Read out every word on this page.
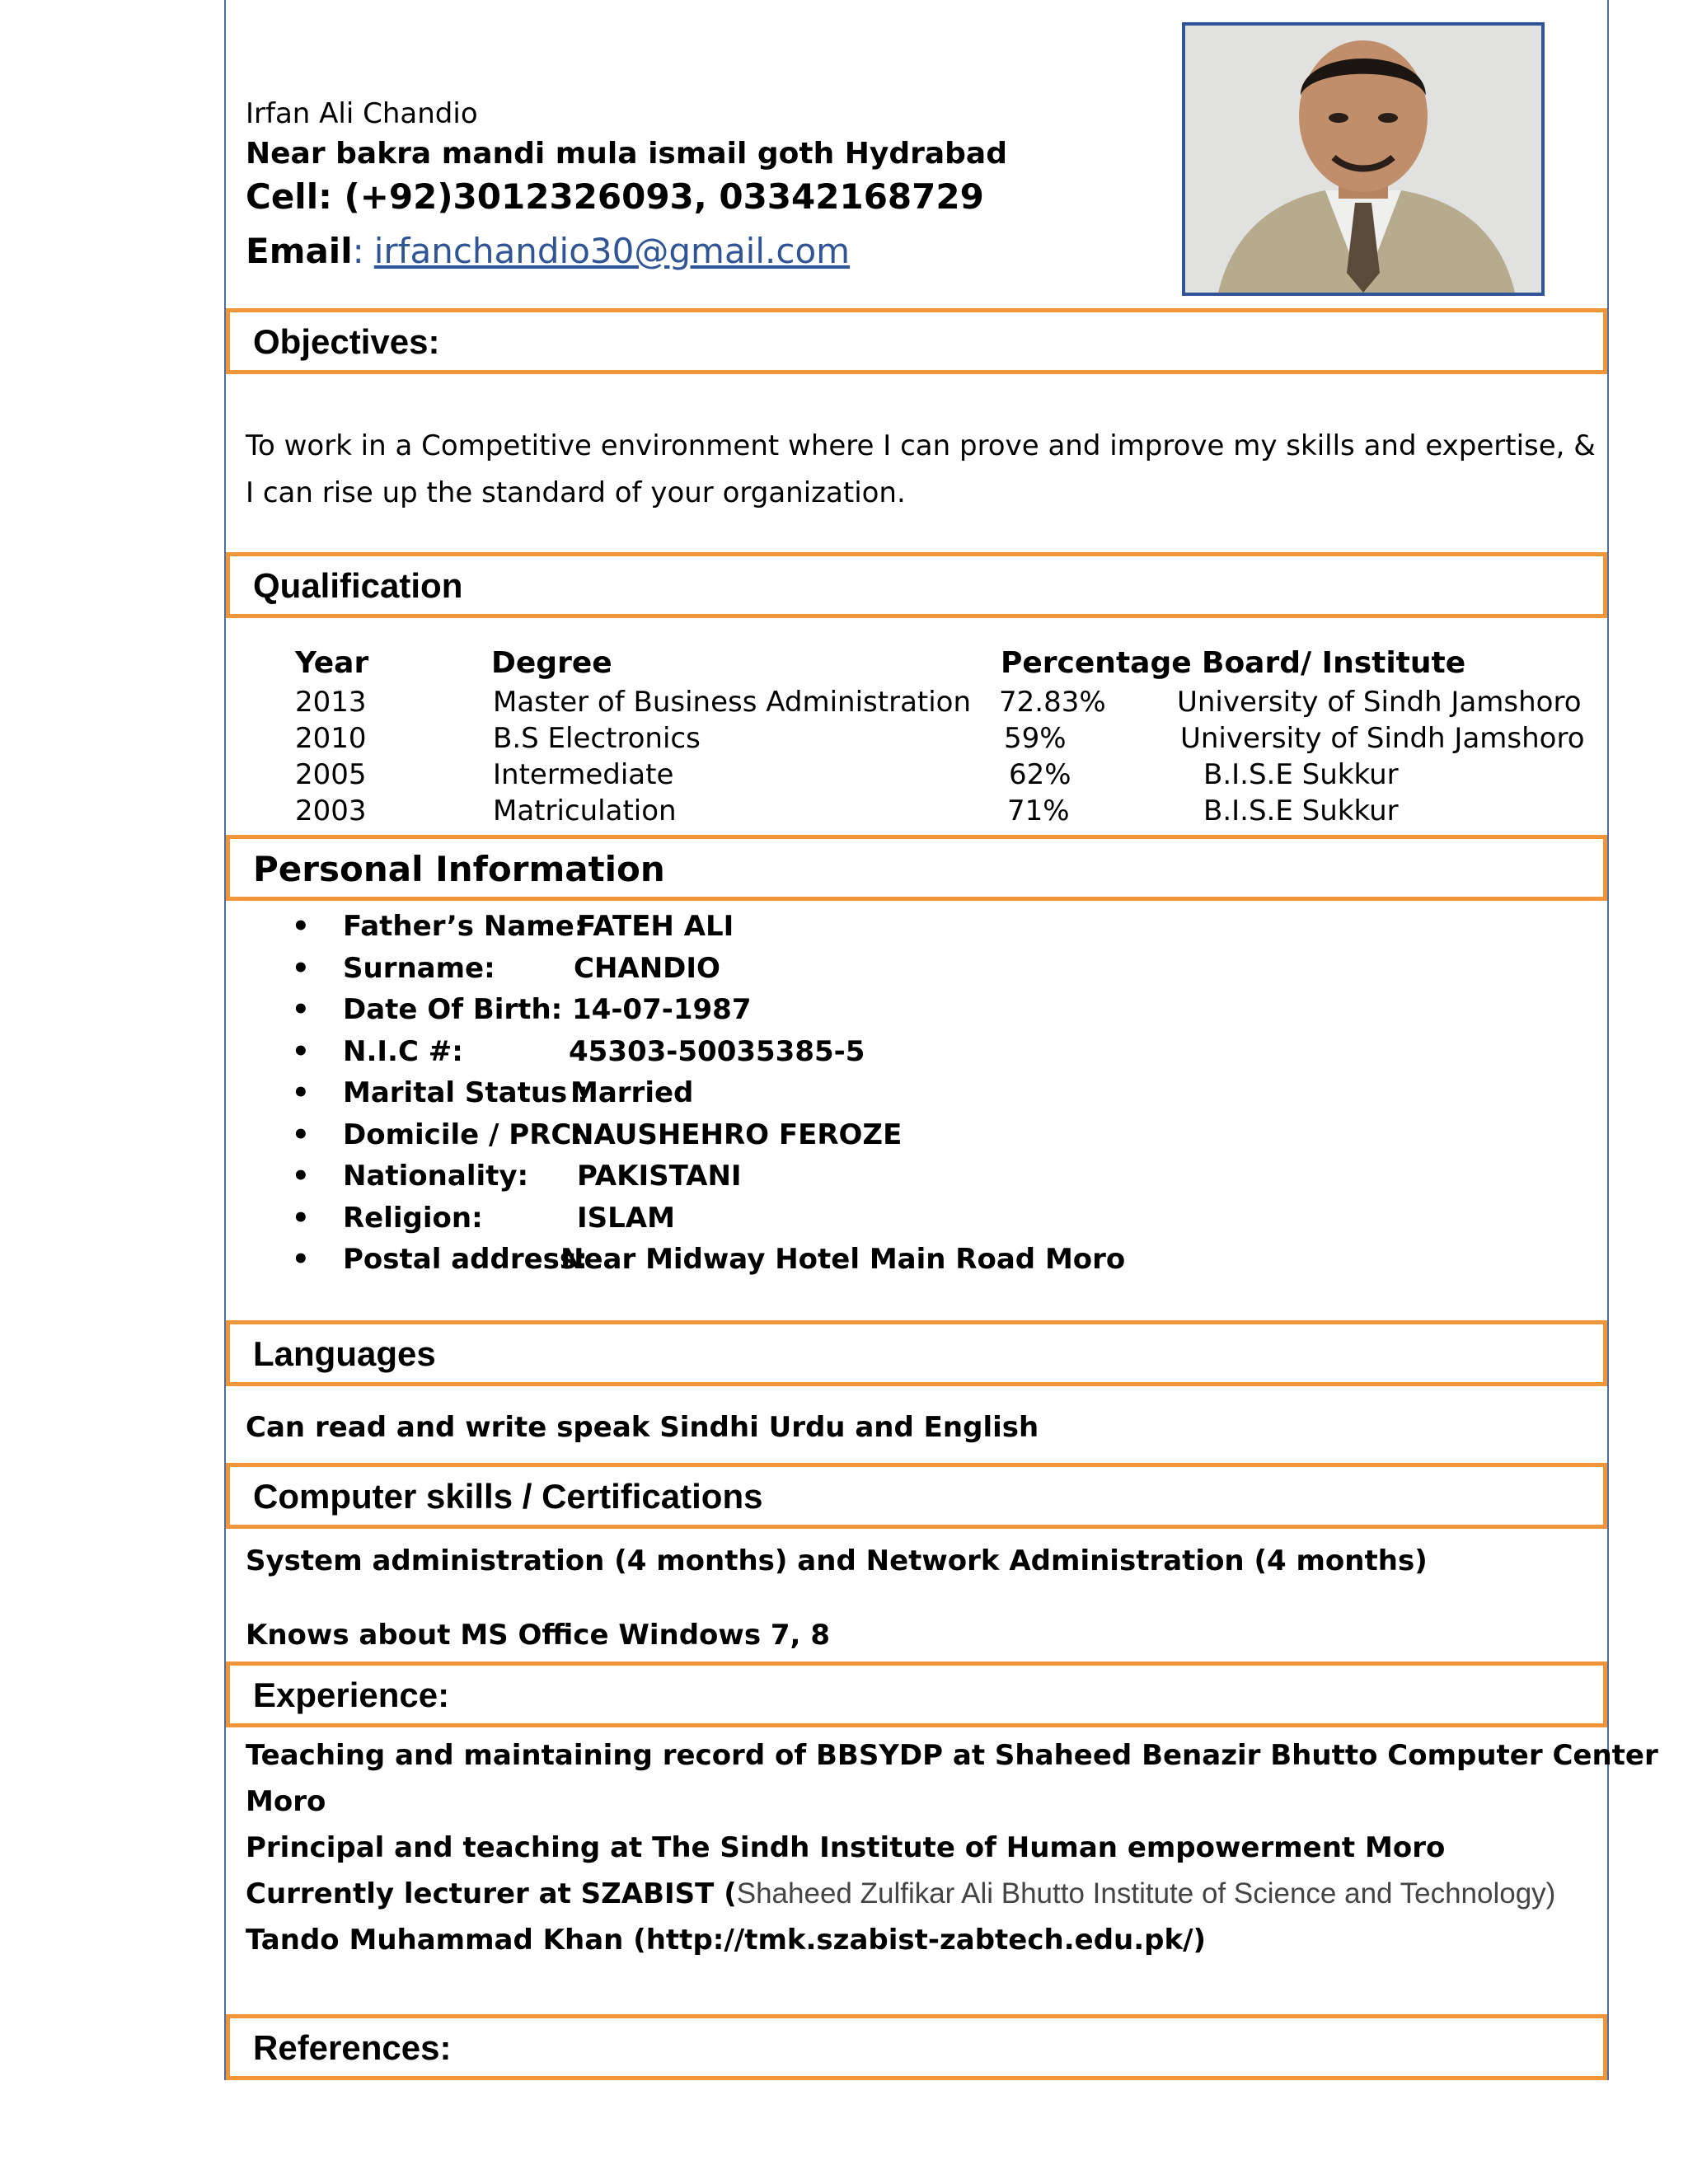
Irfan Ali Chandio
Near bakra mandi mula ismail goth Hydrabad
Cell: (+92)3012326093, 03342168729
Email: irfanchandio30@gmail.com
Objectives:
To work in a Competitive environment where I can prove and improve my skills and expertise, &
I can rise up the standard of your organization.
Qualification
Year	Degree	Percentage Board/ Institute
2013	Master of Business Administration 72.83%	University of Sindh Jamshoro
2010	B.S Electronics	59%	University of Sindh Jamshoro
2005	Intermediate	62%	B.I.S.E Sukkur
2003	Matriculation	71%	B.I.S.E Sukkur
Personal Information
• Father’s Name:
FATEH ALI
• Surname:	CHANDIO
• Date Of Birth: 14-07-1987
• N.I.C #:	45303-50035385-5
• Marital Status :
Married
• Domicile / PRC:
NAUSHEHRO FEROZE
• Nationality: PAKISTANI
• Religion:	ISLAM
• Postal address:
Near Midway Hotel Main Road Moro
Languages
Can read and write speak Sindhi Urdu and English
Computer skills / Certifications
System administration (4 months) and Network Administration (4 months)
Knows about MS Office Windows 7, 8
Experience:
Teaching and maintaining record of BBSYDP at Shaheed Benazir Bhutto Computer Center
Moro
Principal and teaching at The Sindh Institute of Human empowerment Moro
Currently lecturer at SZABIST (Shaheed Zulfikar Ali Bhutto Institute of Science and Technology)
Tando Muhammad Khan (http://tmk.szabist-zabtech.edu.pk/)
References:
